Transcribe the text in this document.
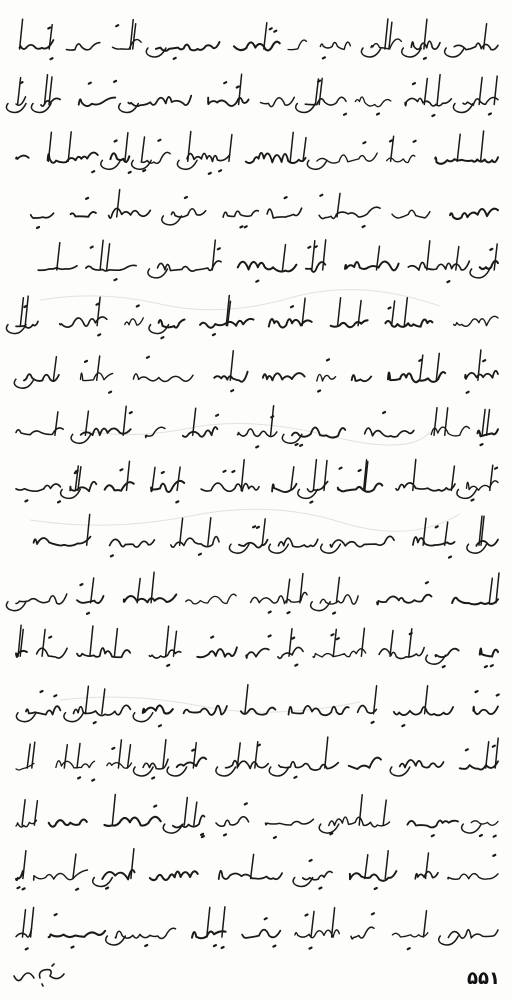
۵۵۱
